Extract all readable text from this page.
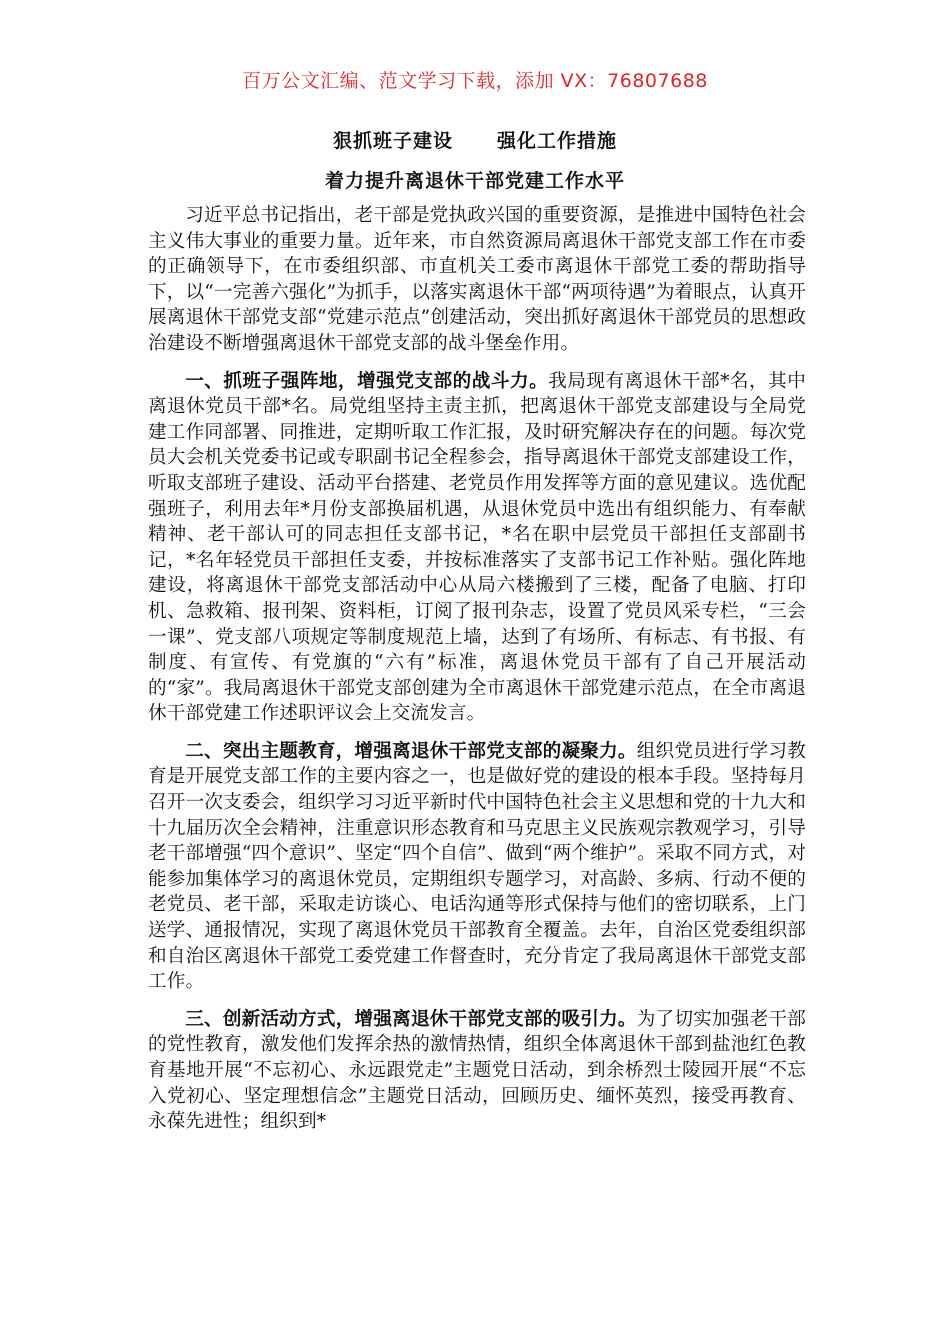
百万公文汇编、范文学习下载，添加 VX：76807688
狠抓班子建设 强化工作措施
着力提升离退休干部党建工作水平

习近平总书记指出，老干部是党执政兴国的重要资源，是推进中国特色社会主义伟大事业的重要力量。近年来，市自然资源局离退休干部党支部工作在市委的正确领导下，在市委组织部、市直机关工委市离退休干部党工委的帮助指导下，以“一完善六强化”为抓手，以落实离退休干部“两项待遇”为着眼点，认真开展离退休干部党支部“党建示范点”创建活动，突出抓好离退休干部党员的思想政治建设不断增强离退休干部党支部的战斗堡垒作用。

一、抓班子强阵地，增强党支部的战斗力。我局现有离退休干部*名，其中离退休党员干部*名。局党组坚持主责主抓，把离退休干部党支部建设与全局党建工作同部署、同推进，定期听取工作汇报，及时研究解决存在的问题。每次党员大会机关党委书记或专职副书记全程参会，指导离退休干部党支部建设工作，听取支部班子建设、活动平台搭建、老党员作用发挥等方面的意见建议。选优配强班子，利用去年*月份支部换届机遇，从退休党员中选出有组织能力、有奉献精神、老干部认可的同志担任支部书记，*名在职中层党员干部担任支部副书记，*名年轻党员干部担任支委，并按标准落实了支部书记工作补贴。强化阵地建设，将离退休干部党支部活动中心从局六楼搬到了三楼，配备了电脑、打印机、急救箱、报刊架、资料柜，订阅了报刊杂志，设置了党员风采专栏，“三会一课”、党支部八项规定等制度规范上墙，达到了有场所、有标志、有书报、有制度、有宣传、有党旗的“六有”标准，离退休党员干部有了自己开展活动的“家”。我局离退休干部党支部创建为全市离退休干部党建示范点，在全市离退休干部党建工作述职评议会上交流发言。

二、突出主题教育，增强离退休干部党支部的凝聚力。组织党员进行学习教育是开展党支部工作的主要内容之一，也是做好党的建设的根本手段。坚持每月召开一次支委会，组织学习习近平新时代中国特色社会主义思想和党的十九大和十九届历次全会精神，注重意识形态教育和马克思主义民族观宗教观学习，引导老干部增强“四个意识”、坚定“四个自信”、做到“两个维护”。采取不同方式，对能参加集体学习的离退休党员，定期组织专题学习，对高龄、多病、行动不便的老党员、老干部，采取走访谈心、电话沟通等形式保持与他们的密切联系，上门送学、通报情况，实现了离退休党员干部教育全覆盖。去年，自治区党委组织部和自治区离退休干部党工委党建工作督查时，充分肯定了我局离退休干部党支部工作。

三、创新活动方式，增强离退休干部党支部的吸引力。为了切实加强老干部的党性教育，激发他们发挥余热的激情热情，组织全体离退休干部到盐池红色教育基地开展“不忘初心、永远跟党走”主题党日活动，到余桥烈士陵园开展“不忘入党初心、坚定理想信念”主题党日活动，回顾历史、缅怀英烈，接受再教育、永葆先进性；组织到*
